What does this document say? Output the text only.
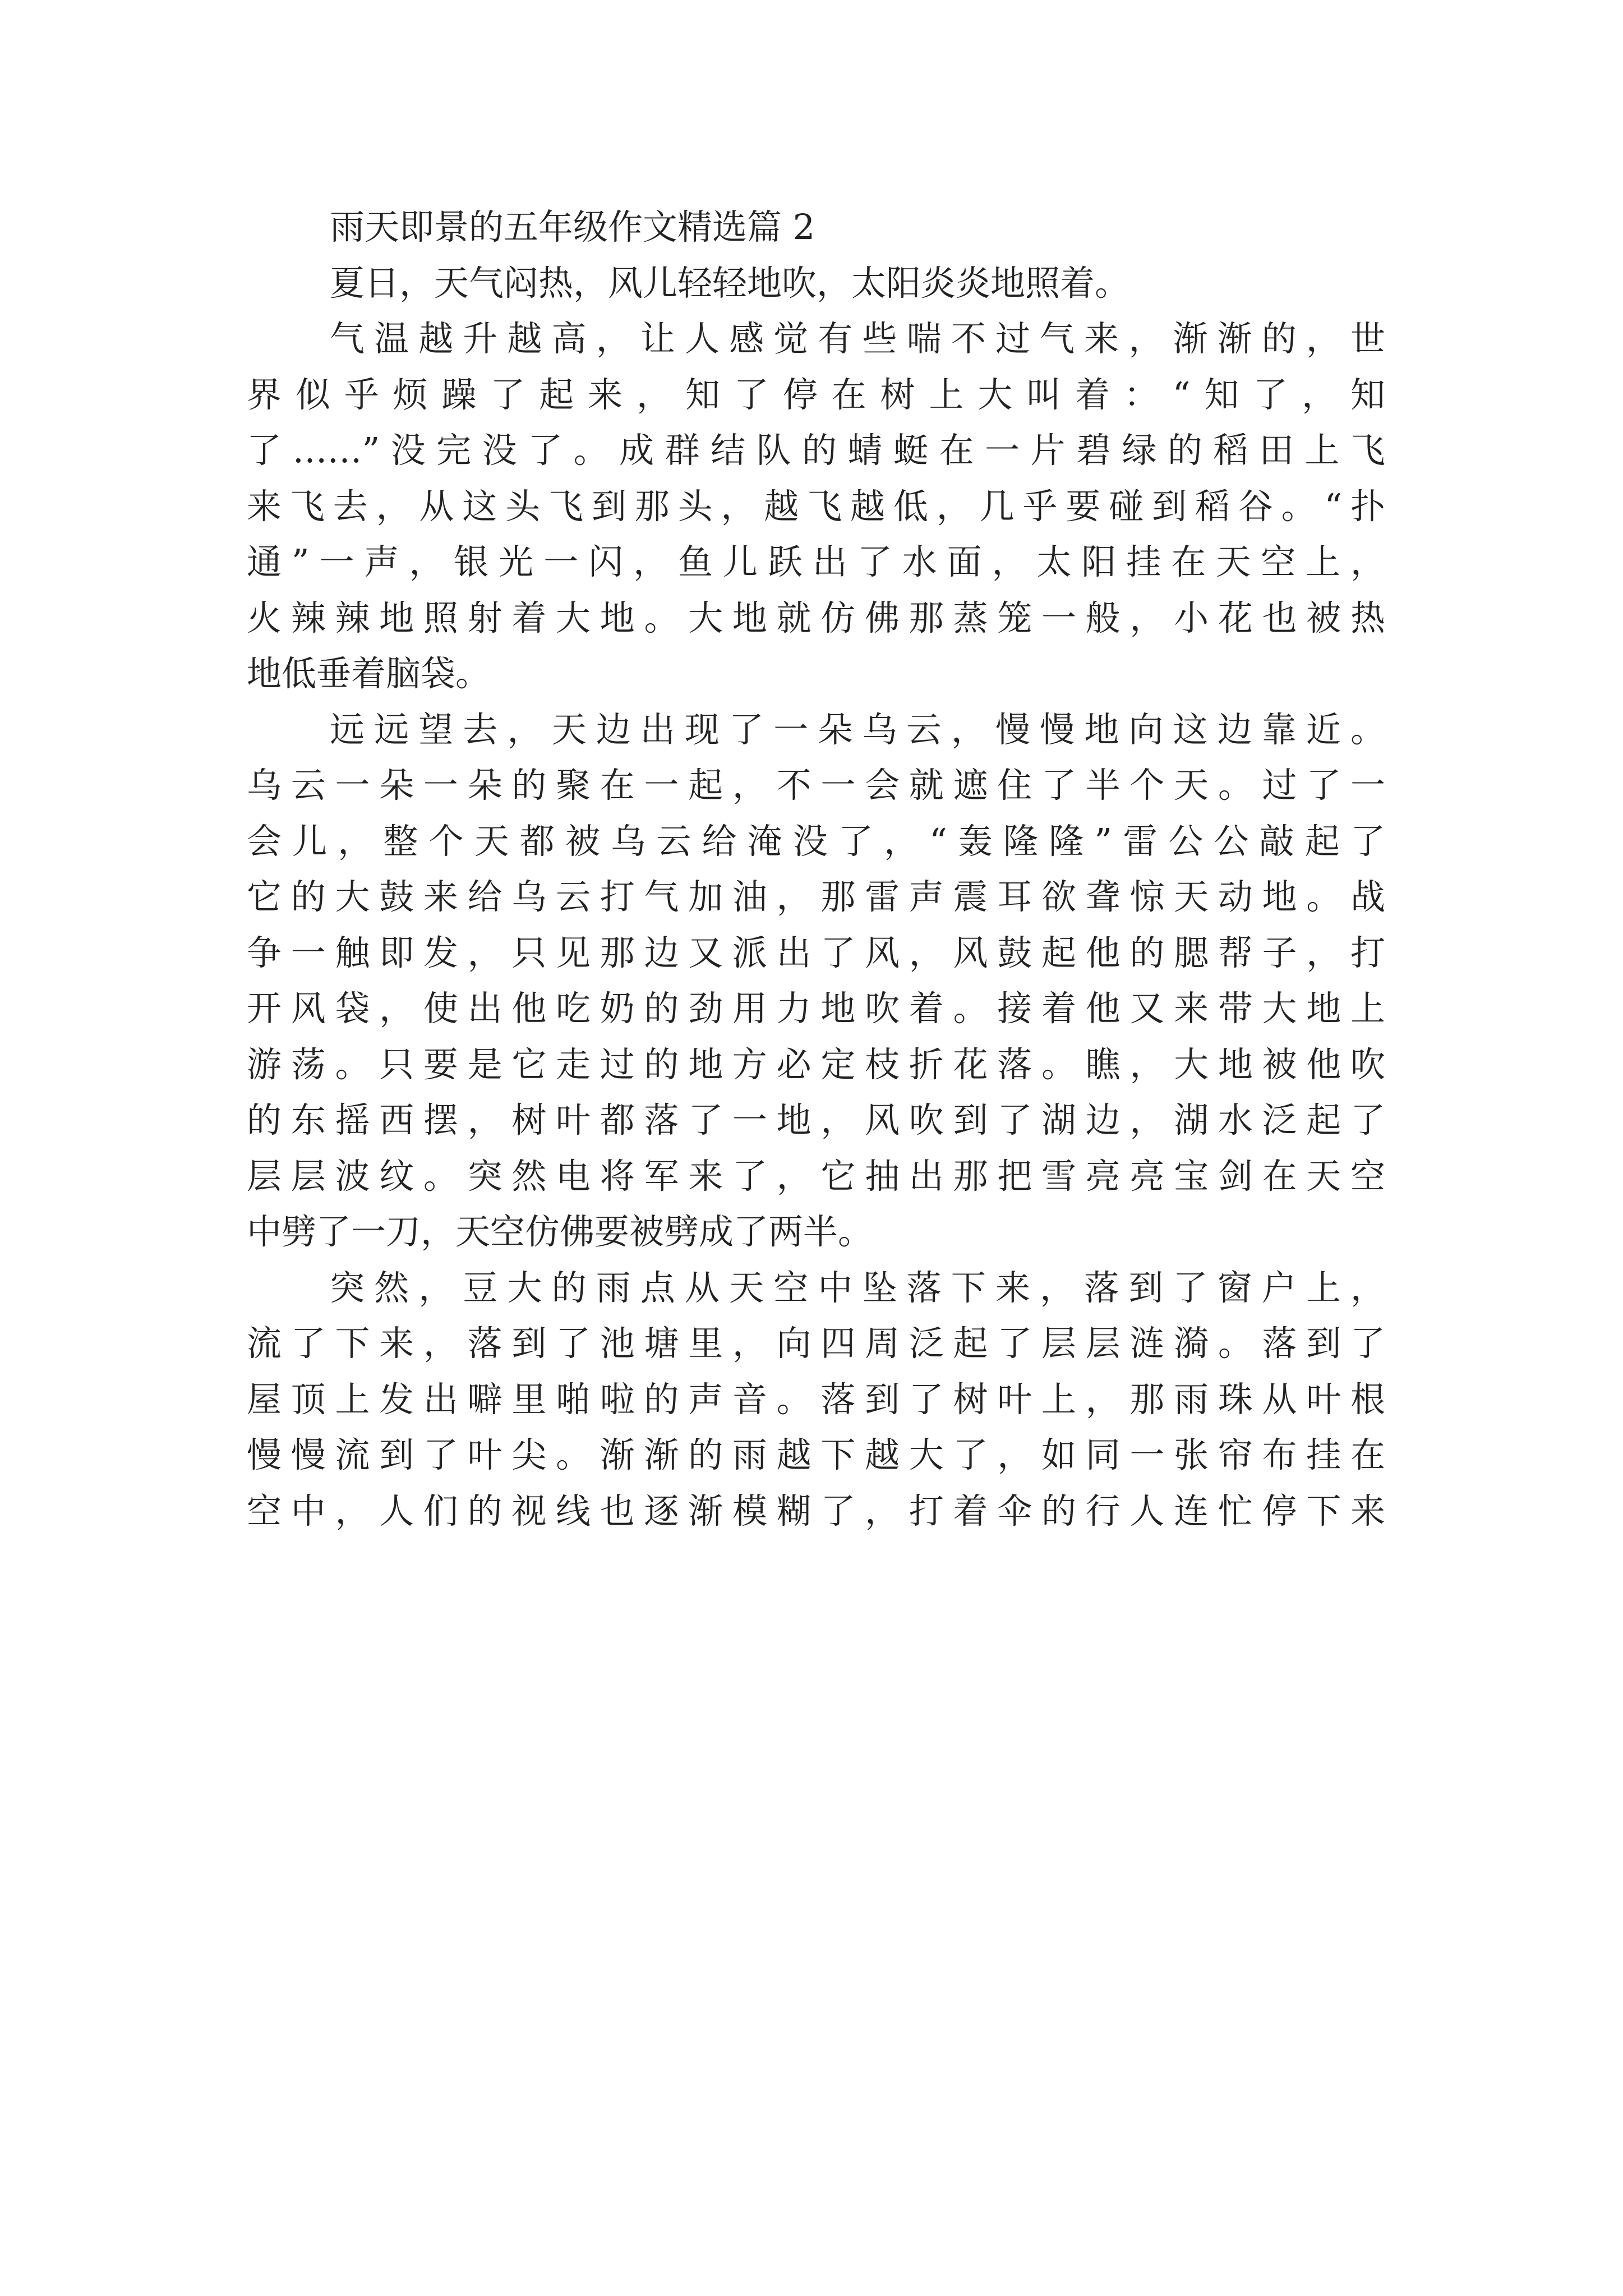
雨天即景的五年级作文精选篇 2
夏日，天气闷热，风儿轻轻地吹，太阳炎炎地照着。
气温越升越高，让人感觉有些喘不过气来，渐渐的，世
界似乎烦躁了起来，知了停在树上大叫着：“知了，知
了……”没完没了。成群结队的蜻蜓在一片碧绿的稻田上飞
来飞去，从这头飞到那头，越飞越低，几乎要碰到稻谷。“扑
通”一声，银光一闪，鱼儿跃出了水面，太阳挂在天空上，
火辣辣地照射着大地。大地就仿佛那蒸笼一般，小花也被热
地低垂着脑袋。
远远望去，天边出现了一朵乌云，慢慢地向这边靠近。
乌云一朵一朵的聚在一起，不一会就遮住了半个天。过了一
会儿，整个天都被乌云给淹没了，“轰隆隆”雷公公敲起了
它的大鼓来给乌云打气加油，那雷声震耳欲聋惊天动地。战
争一触即发，只见那边又派出了风，风鼓起他的腮帮子，打
开风袋，使出他吃奶的劲用力地吹着。接着他又来带大地上
游荡。只要是它走过的地方必定枝折花落。瞧，大地被他吹
的东摇西摆，树叶都落了一地，风吹到了湖边，湖水泛起了
层层波纹。突然电将军来了，它抽出那把雪亮亮宝剑在天空
中劈了一刀，天空仿佛要被劈成了两半。
突然，豆大的雨点从天空中坠落下来，落到了窗户上，
流了下来，落到了池塘里，向四周泛起了层层涟漪。落到了
屋顶上发出噼里啪啦的声音。落到了树叶上，那雨珠从叶根
慢慢流到了叶尖。渐渐的雨越下越大了，如同一张帘布挂在
空中，人们的视线也逐渐模糊了，打着伞的行人连忙停下来
